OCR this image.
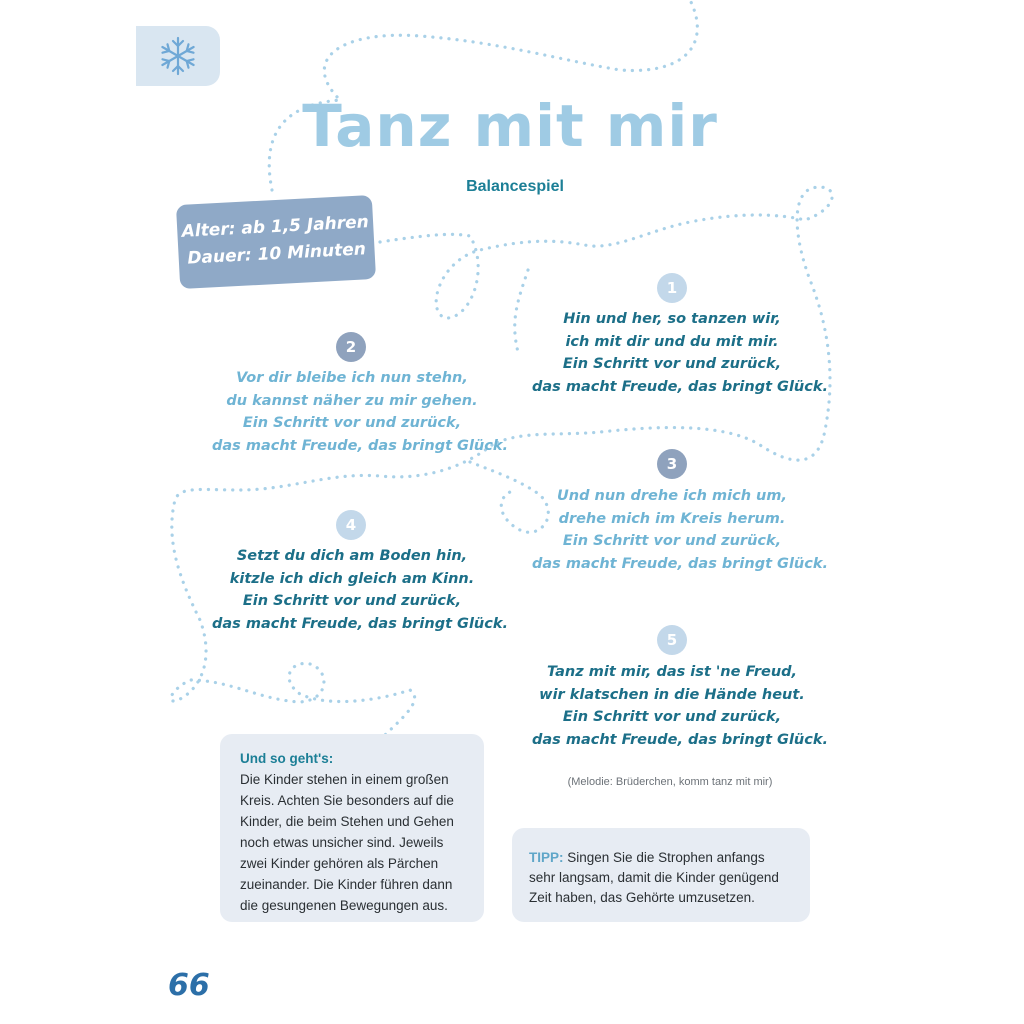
Tanz mit mir
Balancespiel
Alter: ab 1,5 Jahren
Dauer: 10 Minuten
1
Hin und her, so tanzen wir,
ich mit dir und du mit mir.
Ein Schritt vor und zurück,
das macht Freude, das bringt Glück.
2
Vor dir bleibe ich nun stehn,
du kannst näher zu mir gehen.
Ein Schritt vor und zurück,
das macht Freude, das bringt Glück.
3
Und nun drehe ich mich um,
drehe mich im Kreis herum.
Ein Schritt vor und zurück,
das macht Freude, das bringt Glück.
4
Setzt du dich am Boden hin,
kitzle ich dich gleich am Kinn.
Ein Schritt vor und zurück,
das macht Freude, das bringt Glück.
5
Tanz mit mir, das ist 'ne Freud,
wir klatschen in die Hände heut.
Ein Schritt vor und zurück,
das macht Freude, das bringt Glück.
(Melodie: Brüderchen, komm tanz mit mir)
Und so geht's:
Die Kinder stehen in einem großen
Kreis. Achten Sie besonders auf die
Kinder, die beim Stehen und Gehen
noch etwas unsicher sind. Jeweils
zwei Kinder gehören als Pärchen
zueinander. Die Kinder führen dann
die gesungenen Bewegungen aus.
TIPP: Singen Sie die Strophen anfangs
sehr langsam, damit die Kinder genügend
Zeit haben, das Gehörte umzusetzen.
66
